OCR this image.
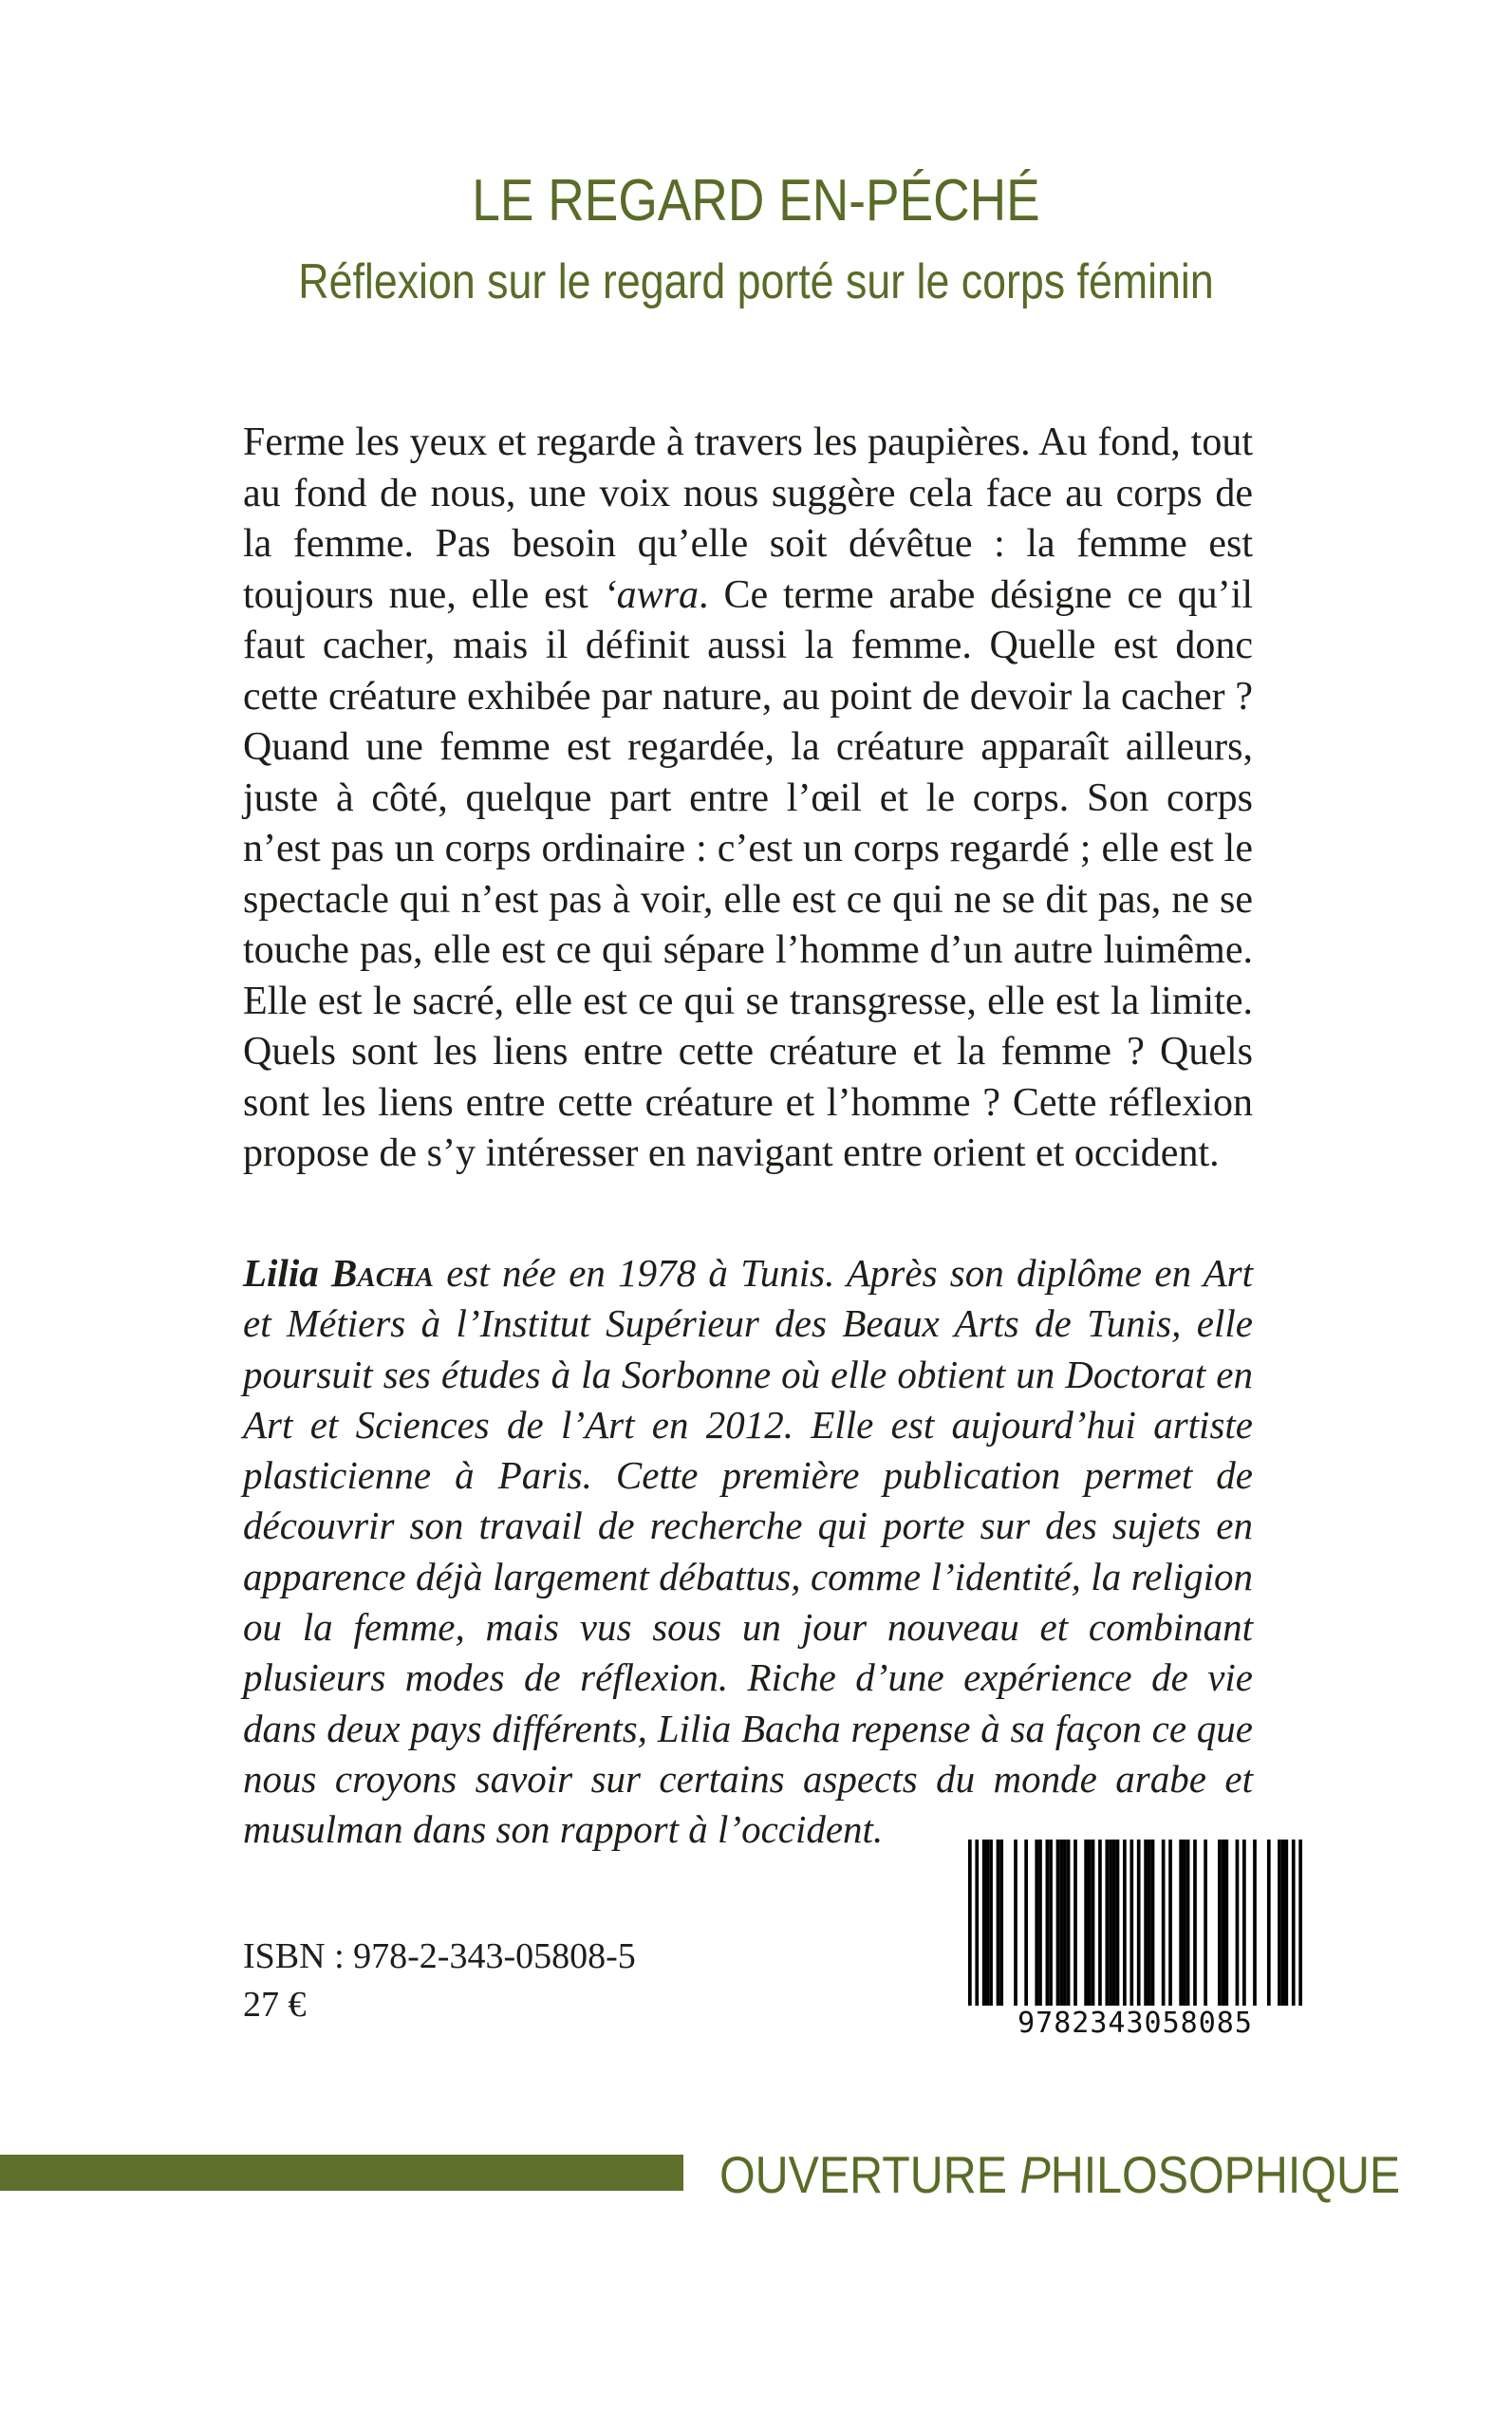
LE REGARD EN-PÉCHÉ
Réflexion sur le regard porté sur le corps féminin

Ferme les yeux et regarde à travers les paupières. Au fond, tout au fond de nous, une voix nous suggère cela face au corps de la femme. Pas besoin qu’elle soit dévêtue : la femme est toujours nue, elle est ‘awra. Ce terme arabe désigne ce qu’il faut cacher, mais il définit aussi la femme. Quelle est donc cette créature exhibée par nature, au point de devoir la cacher ? Quand une femme est regardée, la créature apparaît ailleurs, juste à côté, quelque part entre l’œil et le corps. Son corps n’est pas un corps ordinaire : c’est un corps regardé ; elle est le spectacle qui n’est pas à voir, elle est ce qui ne se dit pas, ne se touche pas, elle est ce qui sépare l’homme d’un autre luimême. Elle est le sacré, elle est ce qui se transgresse, elle est la limite. Quels sont les liens entre cette créature et la femme ? Quels sont les liens entre cette créature et l’homme ? Cette réflexion propose de s’y intéresser en navigant entre orient et occident.

Lilia Bacha est née en 1978 à Tunis. Après son diplôme en Art et Métiers à l’Institut Supérieur des Beaux Arts de Tunis, elle poursuit ses études à la Sorbonne où elle obtient un Doctorat en Art et Sciences de l’Art en 2012. Elle est aujourd’hui artiste plasticienne à Paris. Cette première publication permet de découvrir son travail de recherche qui porte sur des sujets en apparence déjà largement débattus, comme l’identité, la religion ou la femme, mais vus sous un jour nouveau et combinant plusieurs modes de réflexion. Riche d’une expérience de vie dans deux pays différents, Lilia Bacha repense à sa façon ce que nous croyons savoir sur certains aspects du monde arabe et musulman dans son rapport à l’occident.
ISBN : 978-2-343-05808-5
27 €	9782343058085
OUVERTURE PHILOSOPHIQUE
